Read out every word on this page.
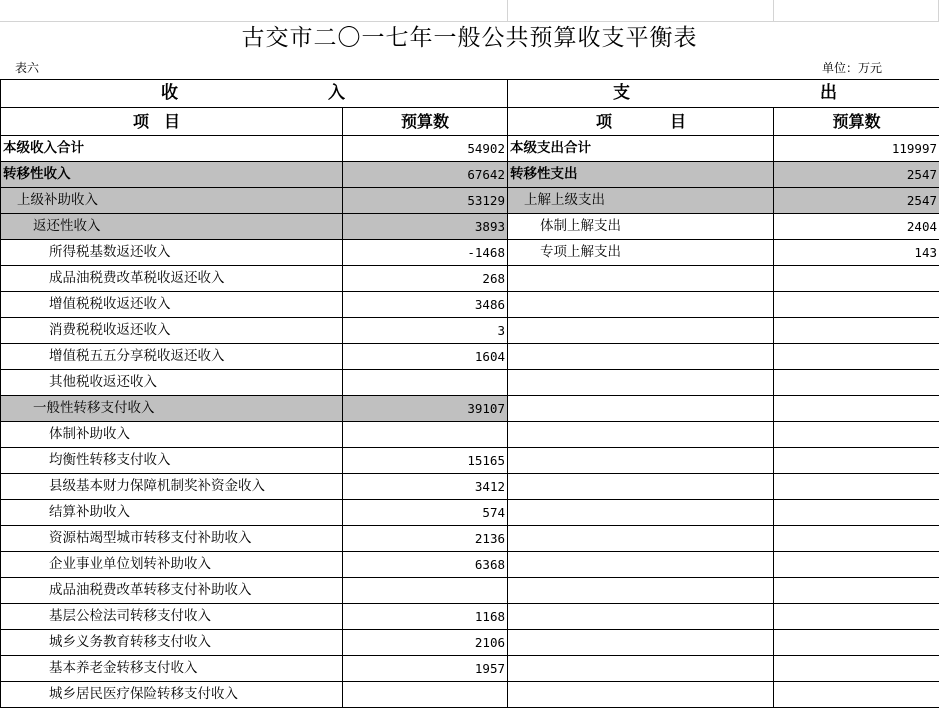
古交市二〇一七年一般公共预算收支平衡表
表六	单位：万元
收 入		支 出	

项 目	预算数	项 目	预算数
本级收入合计	54902	本级支出合计	119997
转移性收入	67642	转移性支出	2547
上级补助收入	53129	上解上级支出	2547
返还性收入	3893	体制上解支出	2404
所得税基数返还收入	-1468	专项上解支出	143
成品油税费改革税收返还收入	268		
增值税税收返还收入	3486		
消费税税收返还收入	3		
增值税五五分享税收返还收入	1604		
其他税收返还收入			
一般性转移支付收入	39107		
体制补助收入			
均衡性转移支付收入	15165		
县级基本财力保障机制奖补资金收入	3412		
结算补助收入	574		
资源枯竭型城市转移支付补助收入	2136		
企业事业单位划转补助收入	6368		
成品油税费改革转移支付补助收入			
基层公检法司转移支付收入	1168		
城乡义务教育转移支付收入	2106		
基本养老金转移支付收入	1957		
城乡居民医疗保险转移支付收入			
